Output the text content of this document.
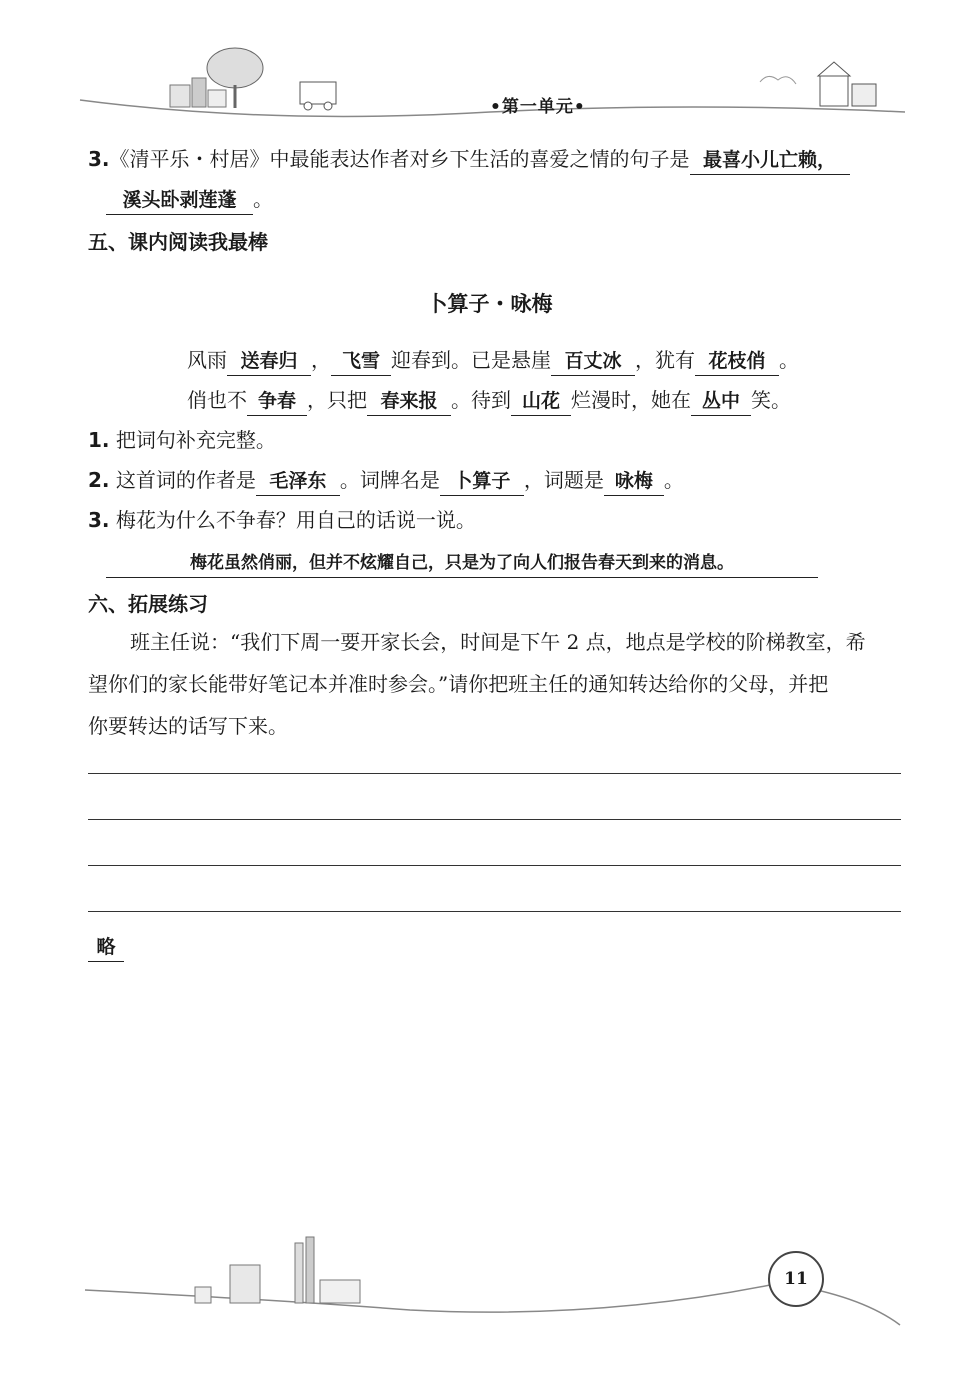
•第一单元•
3.《清平乐・村居》中最能表达作者对乡下生活的喜爱之情的句子是 最喜小儿亡赖，
溪头卧剥莲蓬 。
五、课内阅读我最棒
卜算子・咏梅
风雨 送春归 ， 飞雪 迎春到。已是悬崖 百丈冰 ，犹有 花枝俏 。
俏也不 争春 ，只把 春来报 。待到 山花 烂漫时，她在 丛中 笑。
1. 把词句补充完整。
2. 这首词的作者是 毛泽东 。词牌名是 卜算子 ，词题是 咏梅 。
3. 梅花为什么不争春？用自己的话说一说。
梅花虽然俏丽，但并不炫耀自己，只是为了向人们报告春天到来的消息。
六、拓展练习
班主任说：“我们下周一要开家长会，时间是下午 2 点，地点是学校的阶梯教室，希
望你们的家长能带好笔记本并准时参会。”请你把班主任的通知转达给你的父母，并把
你要转达的话写下来。
略
11
